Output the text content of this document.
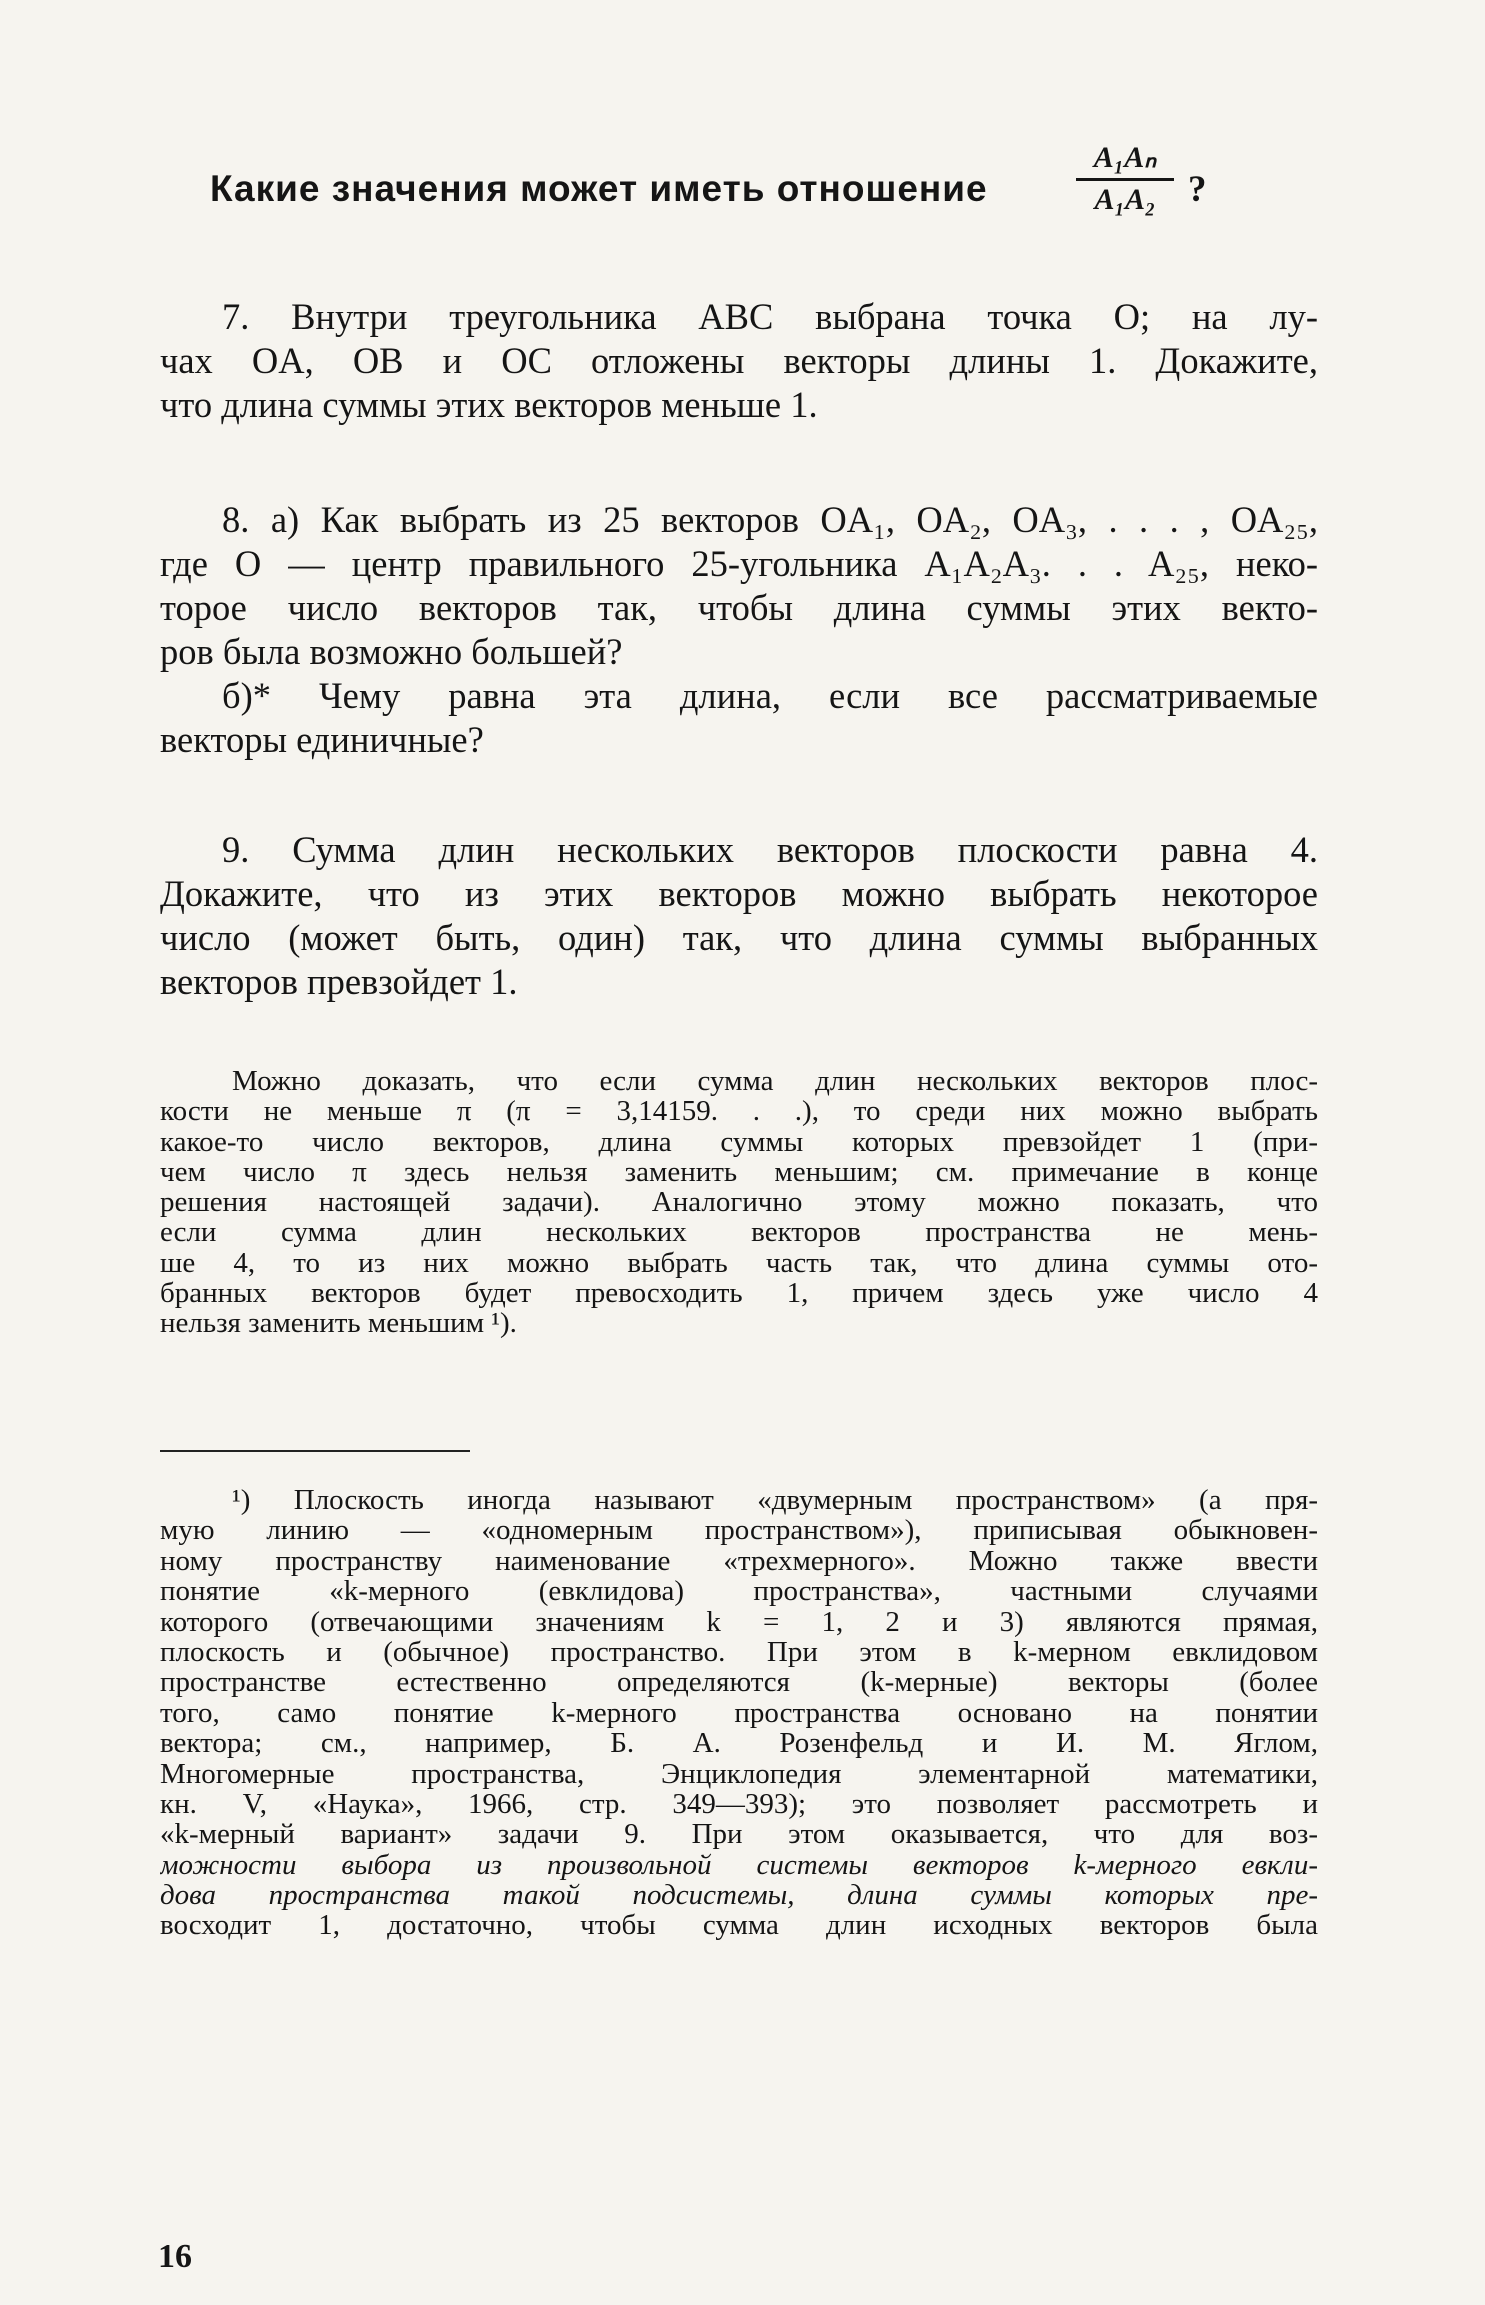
Какие значения может иметь отношение
A₁Aₙ
A₁A₂ ?
7. Внутри треугольника ABC выбрана точка O; на лу-
чах OA, OB и OC отложены векторы длины 1. Докажите,
что длина суммы этих векторов меньше 1.
8. а) Как выбрать из 25 векторов OA₁, OA₂, OA₃, . . . , OA₂₅,
где O — центр правильного 25-угольника A₁A₂A₃. . . A₂₅, неко-
торое число векторов так, чтобы длина суммы этих векто-
ров была возможно большей?
б)* Чему равна эта длина, если все рассматриваемые
векторы единичные?
9. Сумма длин нескольких векторов плоскости равна 4.
Докажите, что из этих векторов можно выбрать некоторое
число (может быть, один) так, что длина суммы выбранных
векторов превзойдет 1.
Можно доказать, что если сумма длин нескольких векторов плос-
кости не меньше π (π = 3,14159. . .), то среди них можно выбрать
какое-то число векторов, длина суммы которых превзойдет 1 (при-
чем число π здесь нельзя заменить меньшим; см. примечание в конце
решения настоящей задачи). Аналогично этому можно показать, что
если сумма длин нескольких векторов пространства не мень-
ше 4, то из них можно выбрать часть так, что длина суммы ото-
бранных векторов будет превосходить 1, причем здесь уже число 4
нельзя заменить меньшим ¹).
¹) Плоскость иногда называют «двумерным пространством» (а пря-
мую линию — «одномерным пространством»), приписывая обыкновен-
ному пространству наименование «трехмерного». Можно также ввести
понятие «k-мерного (евклидова) пространства», частными случаями
которого (отвечающими значениям k = 1, 2 и 3) являются прямая,
плоскость и (обычное) пространство. При этом в k-мерном евклидовом
пространстве естественно определяются (k-мерные) векторы (более
того, само понятие k-мерного пространства основано на понятии
вектора; см., например, Б. А. Розенфельд и И. М. Яглом,
Многомерные пространства, Энциклопедия элементарной математики,
кн. V, «Наука», 1966, стр. 349—393); это позволяет рассмотреть и
«k-мерный вариант» задачи 9. При этом оказывается, что для воз-
можности выбора из произвольной системы векторов k-мерного евкли-
дова пространства такой подсистемы, длина суммы которых пре-
восходит 1, достаточно, чтобы сумма длин исходных векторов была
16
